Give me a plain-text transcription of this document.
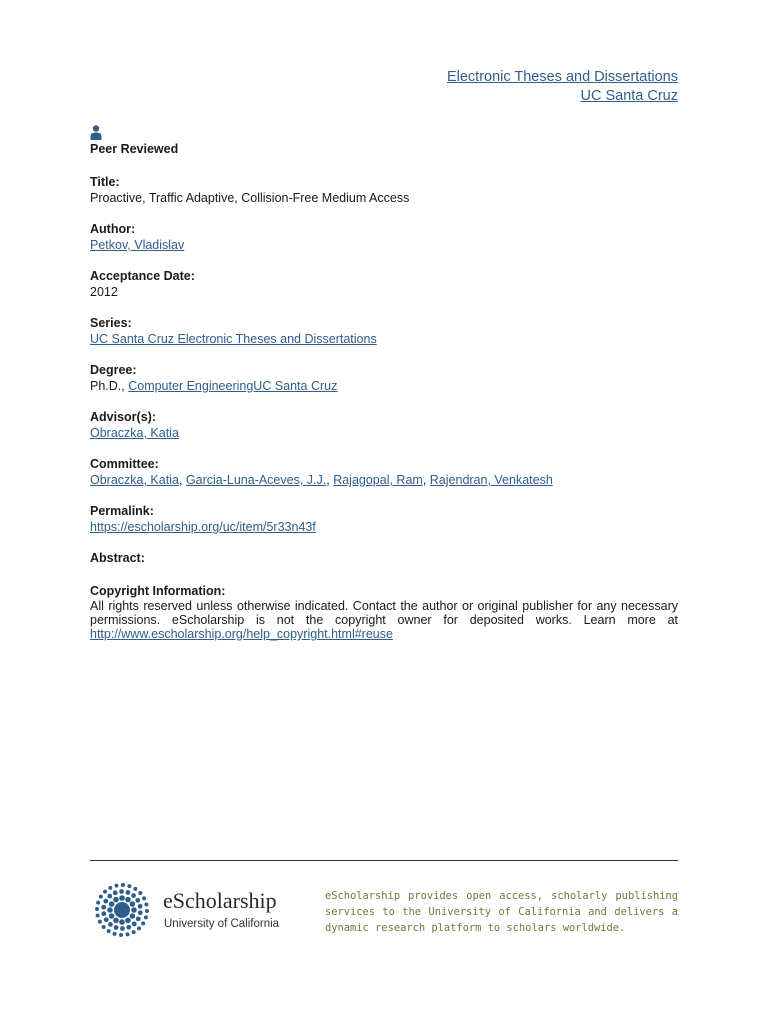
Electronic Theses and Dissertations
UC Santa Cruz
Peer Reviewed
Title:
Proactive, Traffic Adaptive, Collision-Free Medium Access
Author:
Petkov, Vladislav
Acceptance Date:
2012
Series:
UC Santa Cruz Electronic Theses and Dissertations
Degree:
Ph.D., Computer EngineeringUC Santa Cruz
Advisor(s):
Obraczka, Katia
Committee:
Obraczka, Katia, Garcia-Luna-Aceves, J.J., Rajagopal, Ram, Rajendran, Venkatesh
Permalink:
https://escholarship.org/uc/item/5r33n43f
Abstract:
Copyright Information:
All rights reserved unless otherwise indicated. Contact the author or original publisher for any necessary permissions. eScholarship is not the copyright owner for deposited works. Learn more at http://www.escholarship.org/help_copyright.html#reuse
eScholarship
University of California
eScholarship provides open access, scholarly publishing services to the University of California and delivers a dynamic research platform to scholars worldwide.
